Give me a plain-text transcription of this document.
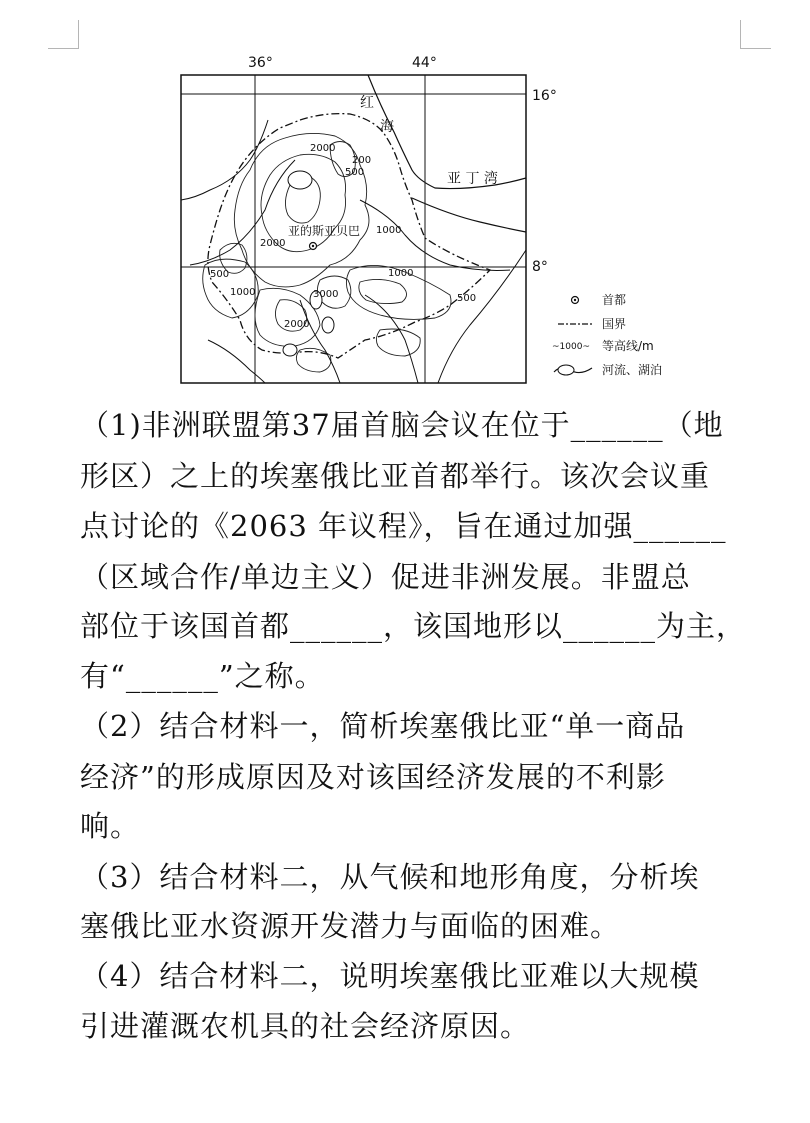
36°	44°
16°
8°
红
海
亚 丁 湾
亚的斯亚贝巴
2000
200
500
2000
1000
500
1000
1000
3000	500
2000
首都
国界
~1000~ 等高线/m
河流、湖泊
（1)非洲联盟第37届首脑会议在位于______（地
形区）之上的埃塞俄比亚首都举行。该次会议重
点讨论的《2063 年议程》，旨在通过加强______
（区域合作/单边主义）促进非洲发展。非盟总
部位于该国首都______，该国地形以______为主，
有“______”之称。
（2）结合材料一，简析埃塞俄比亚“单一商品
经济”的形成原因及对该国经济发展的不利影
响。
（3）结合材料二，从气候和地形角度，分析埃
塞俄比亚水资源开发潜力与面临的困难。
（4）结合材料二，说明埃塞俄比亚难以大规模
引进灌溉农机具的社会经济原因。
